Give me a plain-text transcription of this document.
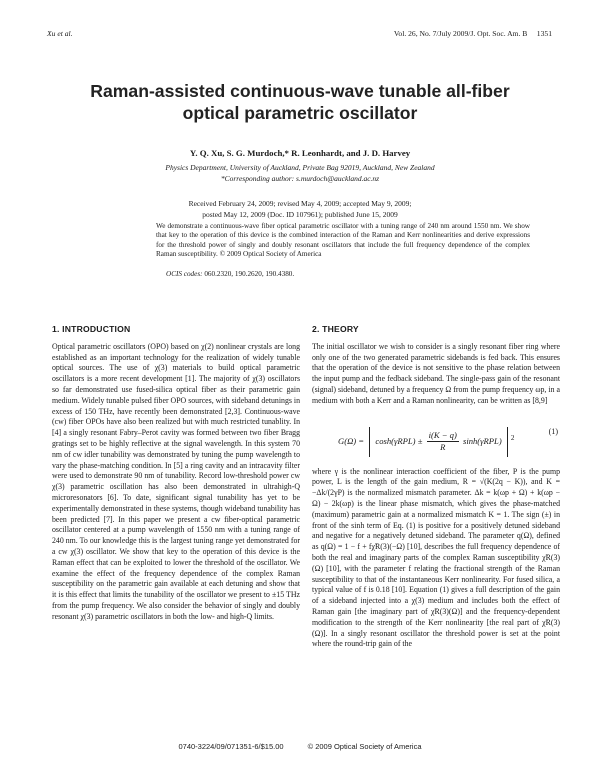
Xu et al.	Vol. 26, No. 7/July 2009/J. Opt. Soc. Am. B     1351
Raman-assisted continuous-wave tunable all-fiber optical parametric oscillator
Y. Q. Xu, S. G. Murdoch,* R. Leonhardt, and J. D. Harvey
Physics Department, University of Auckland, Private Bag 92019, Auckland, New Zealand
*Corresponding author: s.murdoch@auckland.ac.nz
Received February 24, 2009; revised May 4, 2009; accepted May 9, 2009;
posted May 12, 2009 (Doc. ID 107961); published June 15, 2009
We demonstrate a continuous-wave fiber optical parametric oscillator with a tuning range of 240 nm around 1550 nm. We show that key to the operation of this device is the combined interaction of the Raman and Kerr nonlinearities and derive expressions for the threshold power of singly and doubly resonant oscillators that include the full frequency dependence of the complex Raman susceptibility. © 2009 Optical Society of America
OCIS codes: 060.2320, 190.2620, 190.4380.
1. INTRODUCTION
Optical parametric oscillators (OPO) based on χ(2) nonlinear crystals are long established as an important technology for the realization of widely tunable optical sources. The use of χ(3) materials to build optical parametric oscillators is a more recent development [1]. The majority of χ(3) oscillators so far demonstrated use fused-silica optical fiber as their parametric gain medium. Widely tunable pulsed fiber OPO sources, with sideband detunings in excess of 150 THz, have recently been demonstrated [2,3]. Continuous-wave (cw) fiber OPOs have also been realized but with much restricted tunablity. In [4] a singly resonant Fabry–Perot cavity was formed between two fiber Bragg gratings set to be highly reflective at the signal wavelength. In this system 70 nm of cw idler tunability was demonstrated by tuning the pump wavelength to vary the phase-matching condition. In [5] a ring cavity and an intracavity filter were used to demonstrate 90 nm of tunability. Record low-threshold power cw χ(3) parametric oscillation has also been demonstrated in ultrahigh-Q microresonators [6]. To date, significant signal tunability has yet to be experimentally demonstrated in these systems, though wideband tunability has been predicted [7]. In this paper we present a cw fiber-optical parametric oscillator centered at a pump wavelength of 1550 nm with a tuning range of 240 nm. To our knowledge this is the largest tuning range yet demonstrated for a cw χ(3) oscillator. We show that key to the operation of this device is the Raman effect that can be exploited to lower the threshold of the oscillator. We examine the effect of the frequency dependence of the complex Raman susceptibility on the parametric gain available at each detuning and show that it is this effect that limits the tunability of the oscillator we present to ±15 THz from the pump frequency. We also consider the behavior of singly and doubly resonant χ(3) parametric oscillators in both the low- and high-Q limits.
2. THEORY
The initial oscillator we wish to consider is a singly resonant fiber ring where only one of the two generated parametric sidebands is fed back. This ensures that the operation of the device is not sensitive to the phase relation between the input pump and the fedback sideband. The single-pass gain of the resonant (signal) sideband, detuned by a frequency Ω from the pump frequency ωp, in a medium with both a Kerr and a Raman nonlinearity, can be written as [8,9]
$G(\Omega) = \cosh(\gamma RPL) \pm \frac{i(K - q)}{R} \sinh(\gamma RPL)$ $^2$
(1)
where γ is the nonlinear interaction coefficient of the fiber, P is the pump power, L is the length of the gain medium, R = √(K(2q − K)), and K = −Δk/(2γP) is the normalized mismatch parameter. Δk = k(ωp + Ω) + k(ωp − Ω) − 2k(ωp) is the linear phase mismatch, which gives the phase-matched (maximum) parametric gain at a normalized mismatch K = 1. The sign (±) in front of the sinh term of Eq. (1) is positive for a positively detuned sideband and negative for a negatively detuned sideband. The parameter q(Ω), defined as q(Ω) = 1 − f + fχ̃R(3)(−Ω) [10], describes the full frequency dependence of both the real and imaginary parts of the complex Raman susceptibility χ̃R(3)(Ω) [10], with the parameter f relating the fractional strength of the Raman susceptibility to that of the instantaneous Kerr nonlinearity. For fused silica, a typical value of f is 0.18 [10]. Equation (1) gives a full description of the gain of a sideband injected into a χ(3) medium and includes both the effect of Raman gain [the imaginary part of χ̃R(3)(Ω)] and the frequency-dependent modification to the strength of the Kerr nonlinearity [the real part of χ̃R(3)(Ω)]. In a singly resonant oscillator the threshold power is set at the point where the round-trip gain of the
0740-3224/09/071351-6/$15.00	© 2009 Optical Society of America
